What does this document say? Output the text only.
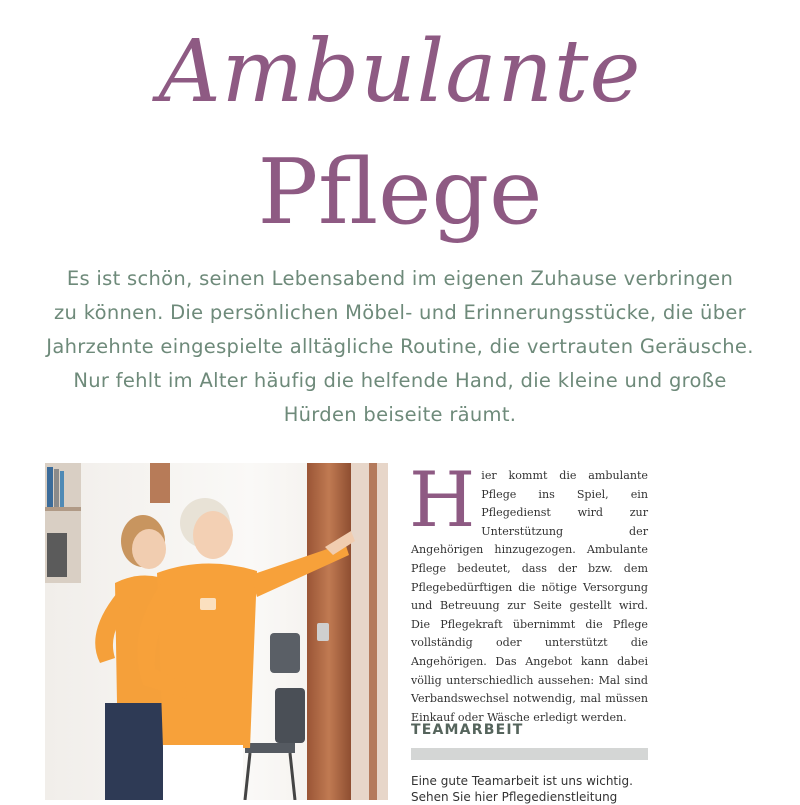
Ambulante
Pflege
Es ist schön, seinen Lebensabend im eigenen Zuhause verbringen
zu können. Die persönlichen Möbel- und Erinnerungsstücke, die über
Jahrzehnte eingespielte alltägliche Routine, die vertrauten Geräusche.
Nur fehlt im Alter häufig die helfende Hand, die kleine und große
Hürden beiseite räumt.
H ier kommt die ambulante Pflege ins Spiel, ein Pflegedienst wird zur Unterstützung der Angehörigen hinzugezogen. Ambulante Pflege bedeutet, dass der bzw. dem Pflegebedürftigen die nötige Versorgung und Betreuung zur Seite gestellt wird. Die Pflegekraft übernimmt die Pflege vollständig oder unterstützt die Angehörigen. Das Angebot kann dabei völlig unterschiedlich aussehen: Mal sind Verbandswechsel notwendig, mal müssen Einkauf oder Wäsche erledigt werden.
TEAMARBEIT
Eine gute Teamarbeit ist uns wichtig. Sehen Sie hier Pflegedienstleitung
